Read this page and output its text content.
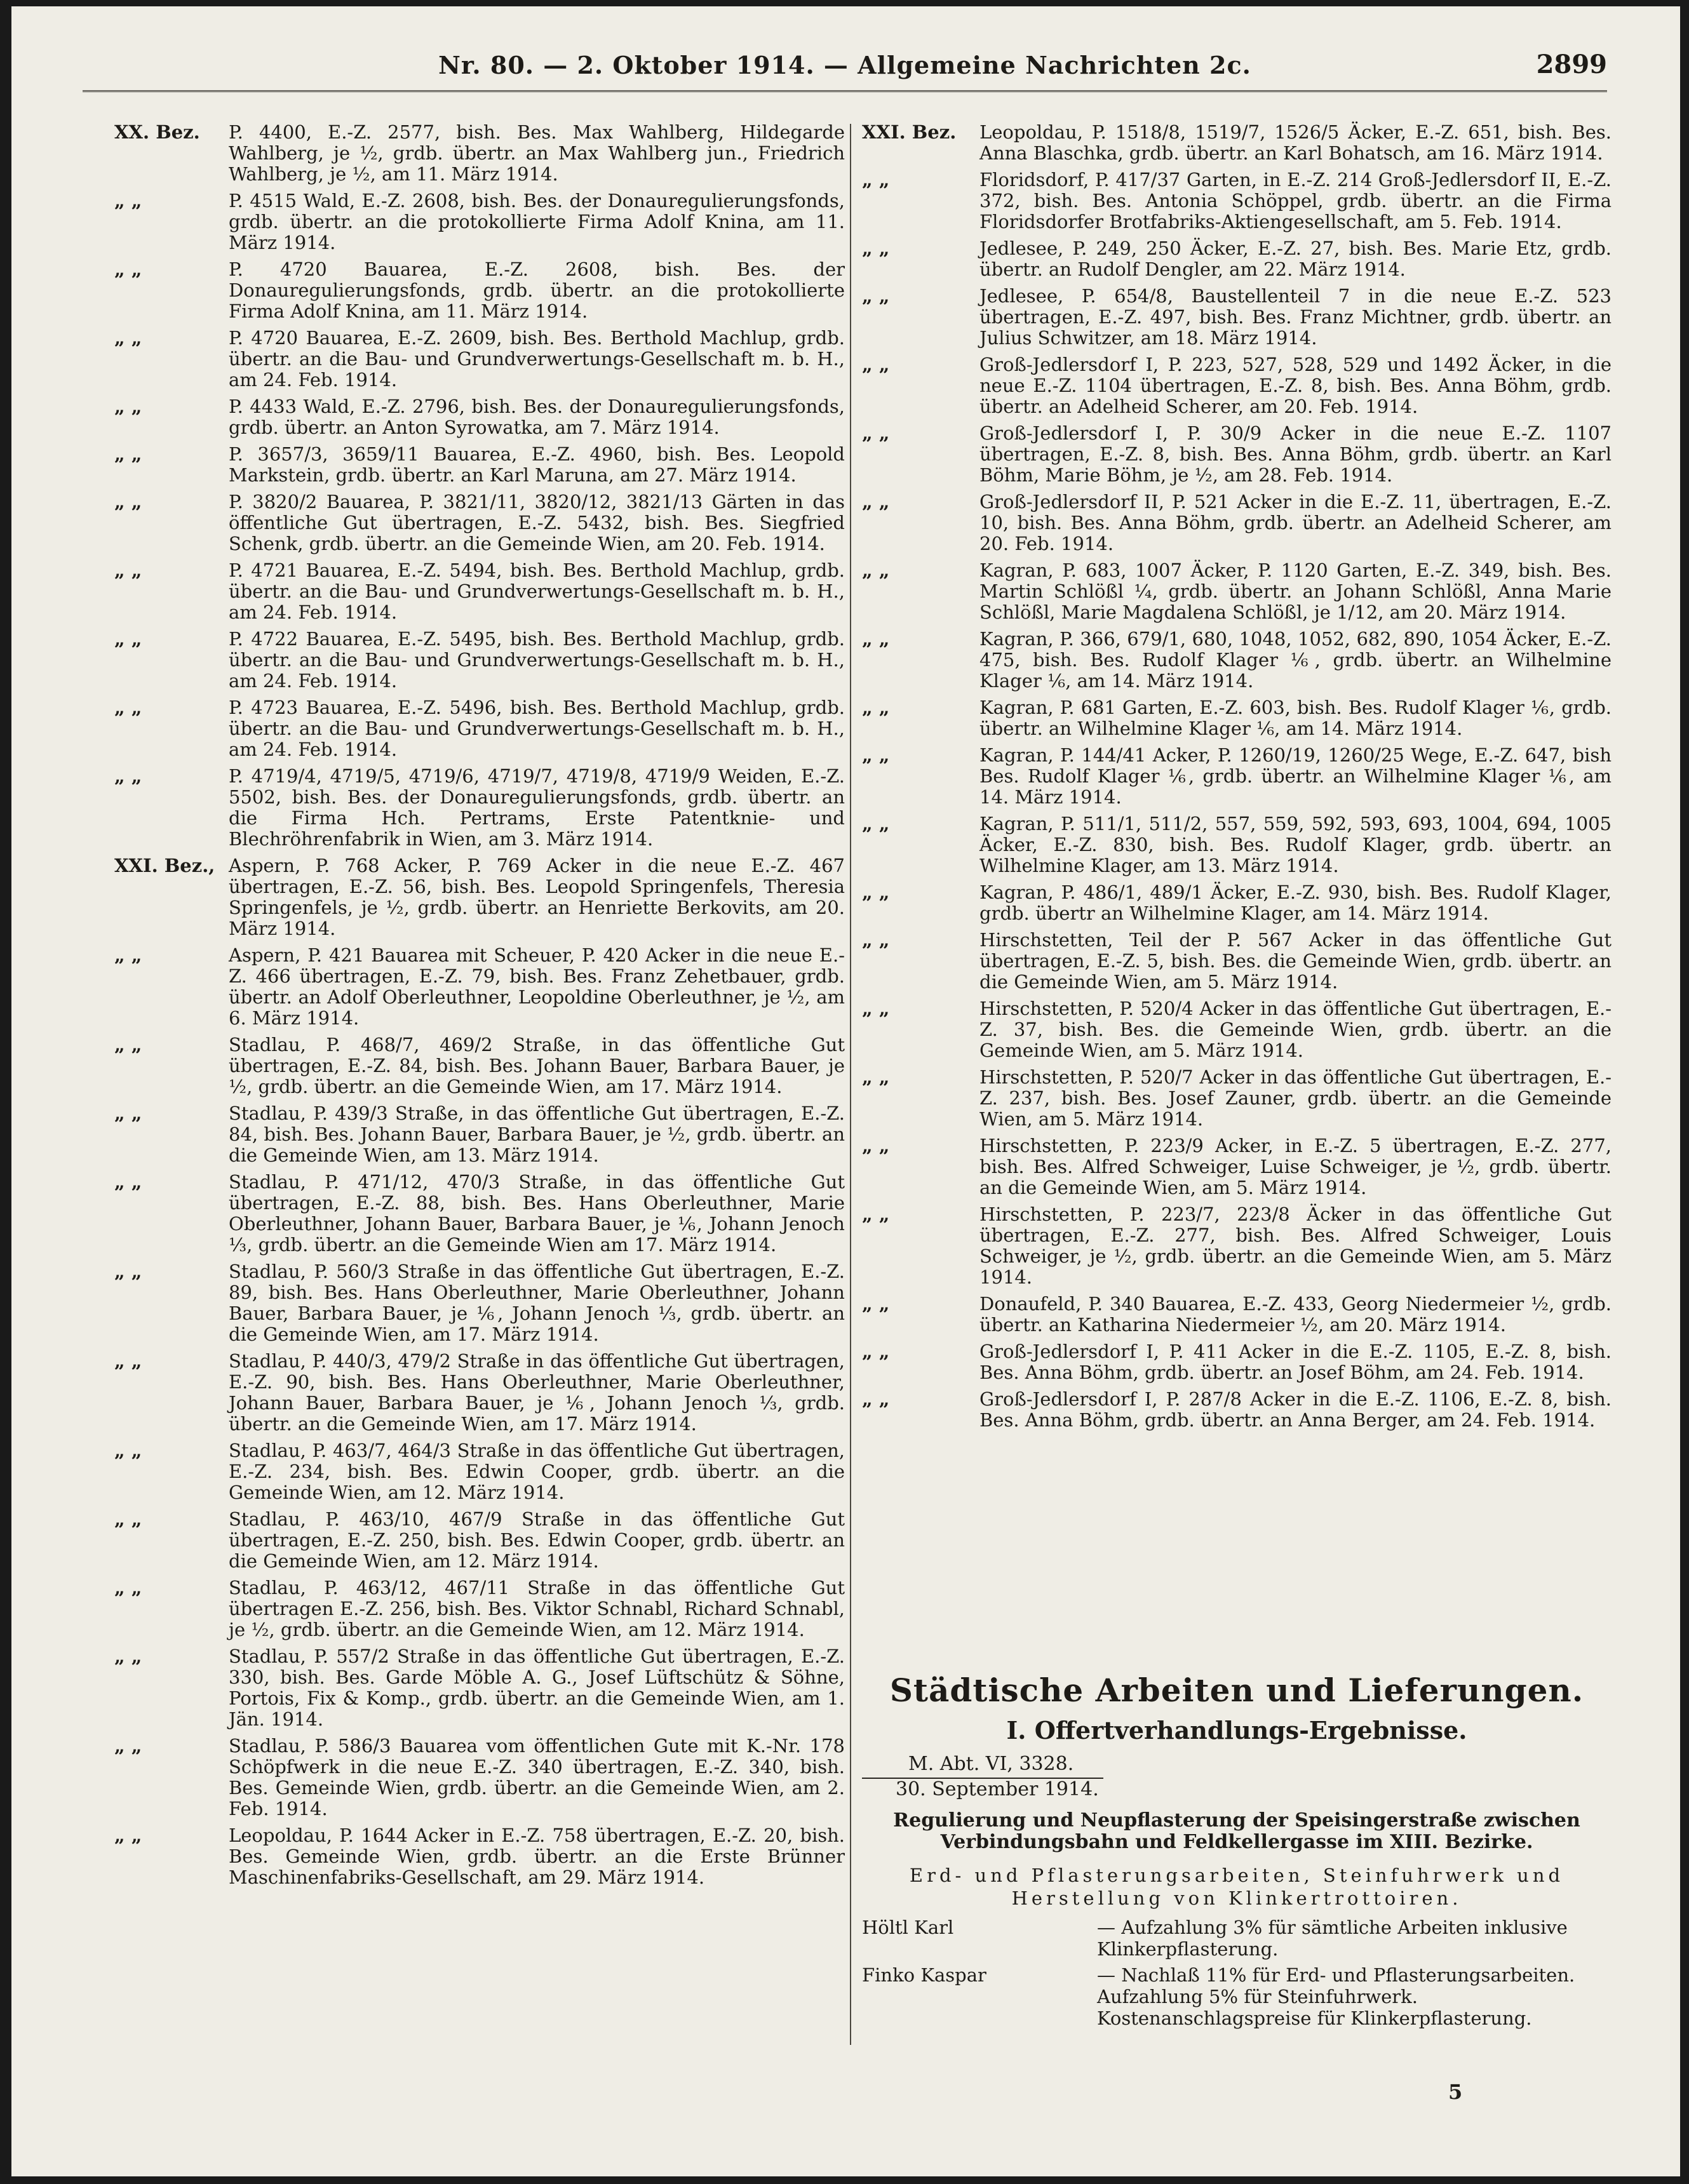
Nr. 80. — 2. Oktober 1914. — Allgemeine Nachrichten 2c.	2899
XX. Bez.	P. 4400, E.-Z. 2577, bish. Bes. Max Wahlberg, Hildegarde Wahlberg, je ½, grdb. übertr. an Max Wahlberg jun., Friedrich Wahlberg, je ½, am 11. März 1914.
„ „	P. 4515 Wald, E.-Z. 2608, bish. Bes. der Donauregulierungsfonds, grdb. übertr. an die protokollierte Firma Adolf Knina, am 11. März 1914.
„ „	P. 4720 Bauarea, E.-Z. 2608, bish. Bes. der Donauregulierungsfonds, grdb. übertr. an die protokollierte Firma Adolf Knina, am 11. März 1914.
„ „	P. 4720 Bauarea, E.-Z. 2609, bish. Bes. Berthold Machlup, grdb. übertr. an die Bau- und Grundverwertungs-Gesellschaft m. b. H., am 24. Feb. 1914.
„ „	P. 4433 Wald, E.-Z. 2796, bish. Bes. der Donauregulierungsfonds, grdb. übertr. an Anton Syrowatka, am 7. März 1914.
„ „	P. 3657/3, 3659/11 Bauarea, E.-Z. 4960, bish. Bes. Leopold Markstein, grdb. übertr. an Karl Maruna, am 27. März 1914.
„ „	P. 3820/2 Bauarea, P. 3821/11, 3820/12, 3821/13 Gärten in das öffentliche Gut übertragen, E.-Z. 5432, bish. Bes. Siegfried Schenk, grdb. übertr. an die Gemeinde Wien, am 20. Feb. 1914.
„ „	P. 4721 Bauarea, E.-Z. 5494, bish. Bes. Berthold Machlup, grdb. übertr. an die Bau- und Grundverwertungs-Gesellschaft m. b. H., am 24. Feb. 1914.
„ „	P. 4722 Bauarea, E.-Z. 5495, bish. Bes. Berthold Machlup, grdb. übertr. an die Bau- und Grundverwertungs-Gesellschaft m. b. H., am 24. Feb. 1914.
„ „	P. 4723 Bauarea, E.-Z. 5496, bish. Bes. Berthold Machlup, grdb. übertr. an die Bau- und Grundverwertungs-Gesellschaft m. b. H., am 24. Feb. 1914.
„ „	P. 4719/4, 4719/5, 4719/6, 4719/7, 4719/8, 4719/9 Weiden, E.-Z. 5502, bish. Bes. der Donauregulierungsfonds, grdb. übertr. an die Firma Hch. Pertrams, Erste Patentknie- und Blechröhrenfabrik in Wien, am 3. März 1914.
XXI. Bez., Aspern, P. 768 Acker, P. 769 Acker in die neue E.-Z. 467 übertragen, E.-Z. 56, bish. Bes. Leopold Springenfels, Theresia Springenfels, je ½, grdb. übertr. an Henriette Berkovits, am 20. März 1914.
„ „	Aspern, P. 421 Bauarea mit Scheuer, P. 420 Acker in die neue E.-Z. 466 übertragen, E.-Z. 79, bish. Bes. Franz Zehetbauer, grdb. übertr. an Adolf Oberleuthner, Leopoldine Oberleuthner, je ½, am 6. März 1914.
„ „	Stadlau, P. 468/7, 469/2 Straße, in das öffentliche Gut übertragen, E.-Z. 84, bish. Bes. Johann Bauer, Barbara Bauer, je ½, grdb. übertr. an die Gemeinde Wien, am 17. März 1914.
„ „	Stadlau, P. 439/3 Straße, in das öffentliche Gut übertragen, E.-Z. 84, bish. Bes. Johann Bauer, Barbara Bauer, je ½, grdb. übertr. an die Gemeinde Wien, am 13. März 1914.
„ „	Stadlau, P. 471/12, 470/3 Straße, in das öffentliche Gut übertragen, E.-Z. 88, bish. Bes. Hans Oberleuthner, Marie Oberleuthner, Johann Bauer, Barbara Bauer, je ⅙, Johann Jenoch ⅓, grdb. übertr. an die Gemeinde Wien am 17. März 1914.
„ „	Stadlau, P. 560/3 Straße in das öffentliche Gut übertragen, E.-Z. 89, bish. Bes. Hans Oberleuthner, Marie Oberleuthner, Johann Bauer, Barbara Bauer, je ⅙, Johann Jenoch ⅓, grdb. übertr. an die Gemeinde Wien, am 17. März 1914.
„ „	Stadlau, P. 440/3, 479/2 Straße in das öffentliche Gut übertragen, E.-Z. 90, bish. Bes. Hans Oberleuthner, Marie Oberleuthner, Johann Bauer, Barbara Bauer, je ⅙, Johann Jenoch ⅓, grdb. übertr. an die Gemeinde Wien, am 17. März 1914.
„ „	Stadlau, P. 463/7, 464/3 Straße in das öffentliche Gut übertragen, E.-Z. 234, bish. Bes. Edwin Cooper, grdb. übertr. an die Gemeinde Wien, am 12. März 1914.
„ „	Stadlau, P. 463/10, 467/9 Straße in das öffentliche Gut übertragen, E.-Z. 250, bish. Bes. Edwin Cooper, grdb. übertr. an die Gemeinde Wien, am 12. März 1914.
„ „	Stadlau, P. 463/12, 467/11 Straße in das öffentliche Gut übertragen E.-Z. 256, bish. Bes. Viktor Schnabl, Richard Schnabl, je ½, grdb. übertr. an die Gemeinde Wien, am 12. März 1914.
„ „	Stadlau, P. 557/2 Straße in das öffentliche Gut übertragen, E.-Z. 330, bish. Bes. Garde Möble A. G., Josef Lüftschütz & Söhne, Portois, Fix & Komp., grdb. übertr. an die Gemeinde Wien, am 1. Jän. 1914.
„ „	Stadlau, P. 586/3 Bauarea vom öffentlichen Gute mit K.-Nr. 178 Schöpfwerk in die neue E.-Z. 340 übertragen, E.-Z. 340, bish. Bes. Gemeinde Wien, grdb. übertr. an die Gemeinde Wien, am 2. Feb. 1914.
„ „	Leopoldau, P. 1644 Acker in E.-Z. 758 übertragen, E.-Z. 20, bish. Bes. Gemeinde Wien, grdb. übertr. an die Erste Brünner Maschinenfabriks-Gesellschaft, am 29. März 1914.
XXI. Bez.	Leopoldau, P. 1518/8, 1519/7, 1526/5 Äcker, E.-Z. 651, bish. Bes. Anna Blaschka, grdb. übertr. an Karl Bohatsch, am 16. März 1914.
„ „	Floridsdorf, P. 417/37 Garten, in E.-Z. 214 Groß-Jedlersdorf II, E.-Z. 372, bish. Bes. Antonia Schöppel, grdb. übertr. an die Firma Floridsdorfer Brotfabriks-Aktiengesellschaft, am 5. Feb. 1914.
„ „	Jedlesee, P. 249, 250 Äcker, E.-Z. 27, bish. Bes. Marie Etz, grdb. übertr. an Rudolf Dengler, am 22. März 1914.
„ „	Jedlesee, P. 654/8, Baustellenteil 7 in die neue E.-Z. 523 übertragen, E.-Z. 497, bish. Bes. Franz Michtner, grdb. übertr. an Julius Schwitzer, am 18. März 1914.
„ „	Groß-Jedlersdorf I, P. 223, 527, 528, 529 und 1492 Äcker, in die neue E.-Z. 1104 übertragen, E.-Z. 8, bish. Bes. Anna Böhm, grdb. übertr. an Adelheid Scherer, am 20. Feb. 1914.
„ „	Groß-Jedlersdorf I, P. 30/9 Acker in die neue E.-Z. 1107 übertragen, E.-Z. 8, bish. Bes. Anna Böhm, grdb. übertr. an Karl Böhm, Marie Böhm, je ½, am 28. Feb. 1914.
„ „	Groß-Jedlersdorf II, P. 521 Acker in die E.-Z. 11, übertragen, E.-Z. 10, bish. Bes. Anna Böhm, grdb. übertr. an Adelheid Scherer, am 20. Feb. 1914.
„ „	Kagran, P. 683, 1007 Äcker, P. 1120 Garten, E.-Z. 349, bish. Bes. Martin Schlößl ¼, grdb. übertr. an Johann Schlößl, Anna Marie Schlößl, Marie Magdalena Schlößl, je 1/12, am 20. März 1914.
„ „	Kagran, P. 366, 679/1, 680, 1048, 1052, 682, 890, 1054 Äcker, E.-Z. 475, bish. Bes. Rudolf Klager ⅙, grdb. übertr. an Wilhelmine Klager ⅙, am 14. März 1914.
„ „	Kagran, P. 681 Garten, E.-Z. 603, bish. Bes. Rudolf Klager ⅙, grdb. übertr. an Wilhelmine Klager ⅙, am 14. März 1914.
„ „	Kagran, P. 144/41 Acker, P. 1260/19, 1260/25 Wege, E.-Z. 647, bish Bes. Rudolf Klager ⅙, grdb. übertr. an Wilhelmine Klager ⅙, am 14. März 1914.
„ „	Kagran, P. 511/1, 511/2, 557, 559, 592, 593, 693, 1004, 694, 1005 Äcker, E.-Z. 830, bish. Bes. Rudolf Klager, grdb. übertr. an Wilhelmine Klager, am 13. März 1914.
„ „	Kagran, P. 486/1, 489/1 Äcker, E.-Z. 930, bish. Bes. Rudolf Klager, grdb. übertr an Wilhelmine Klager, am 14. März 1914.
„ „	Hirschstetten, Teil der P. 567 Acker in das öffentliche Gut übertragen, E.-Z. 5, bish. Bes. die Gemeinde Wien, grdb. übertr. an die Gemeinde Wien, am 5. März 1914.
„ „	Hirschstetten, P. 520/4 Acker in das öffentliche Gut übertragen, E.-Z. 37, bish. Bes. die Gemeinde Wien, grdb. übertr. an die Gemeinde Wien, am 5. März 1914.
„ „	Hirschstetten, P. 520/7 Acker in das öffentliche Gut übertragen, E.-Z. 237, bish. Bes. Josef Zauner, grdb. übertr. an die Gemeinde Wien, am 5. März 1914.
„ „	Hirschstetten, P. 223/9 Acker, in E.-Z. 5 übertragen, E.-Z. 277, bish. Bes. Alfred Schweiger, Luise Schweiger, je ½, grdb. übertr. an die Gemeinde Wien, am 5. März 1914.
„ „	Hirschstetten, P. 223/7, 223/8 Äcker in das öffentliche Gut übertragen, E.-Z. 277, bish. Bes. Alfred Schweiger, Louis Schweiger, je ½, grdb. übertr. an die Gemeinde Wien, am 5. März 1914.
„ „	Donaufeld, P. 340 Bauarea, E.-Z. 433, Georg Niedermeier ½, grdb. übertr. an Katharina Niedermeier ½, am 20. März 1914.
„ „	Groß-Jedlersdorf I, P. 411 Acker in die E.-Z. 1105, E.-Z. 8, bish. Bes. Anna Böhm, grdb. übertr. an Josef Böhm, am 24. Feb. 1914.
„ „	Groß-Jedlersdorf I, P. 287/8 Acker in die E.-Z. 1106, E.-Z. 8, bish. Bes. Anna Böhm, grdb. übertr. an Anna Berger, am 24. Feb. 1914.
Städtische Arbeiten und Lieferungen.
I. Offertverhandlungs-Ergebnisse.
M. Abt. VI, 3328.
30. September 1914.
Regulierung und Neupflasterung der Speisingerstraße zwischen Verbindungsbahn und Feldkellergasse im XIII. Bezirke.
Erd- und Pflasterungsarbeiten, Steinfuhrwerk und Herstellung von Klinkertrottoiren.
Höltl Karl	— Aufzahlung 3% für sämtliche Arbeiten inklusive Klinkerpflasterung.
Finko Kaspar	— Nachlaß 11% für Erd- und Pflasterungsarbeiten. Aufzahlung 5% für Steinfuhrwerk. Kostenanschlagspreise für Klinkerpflasterung.
5
